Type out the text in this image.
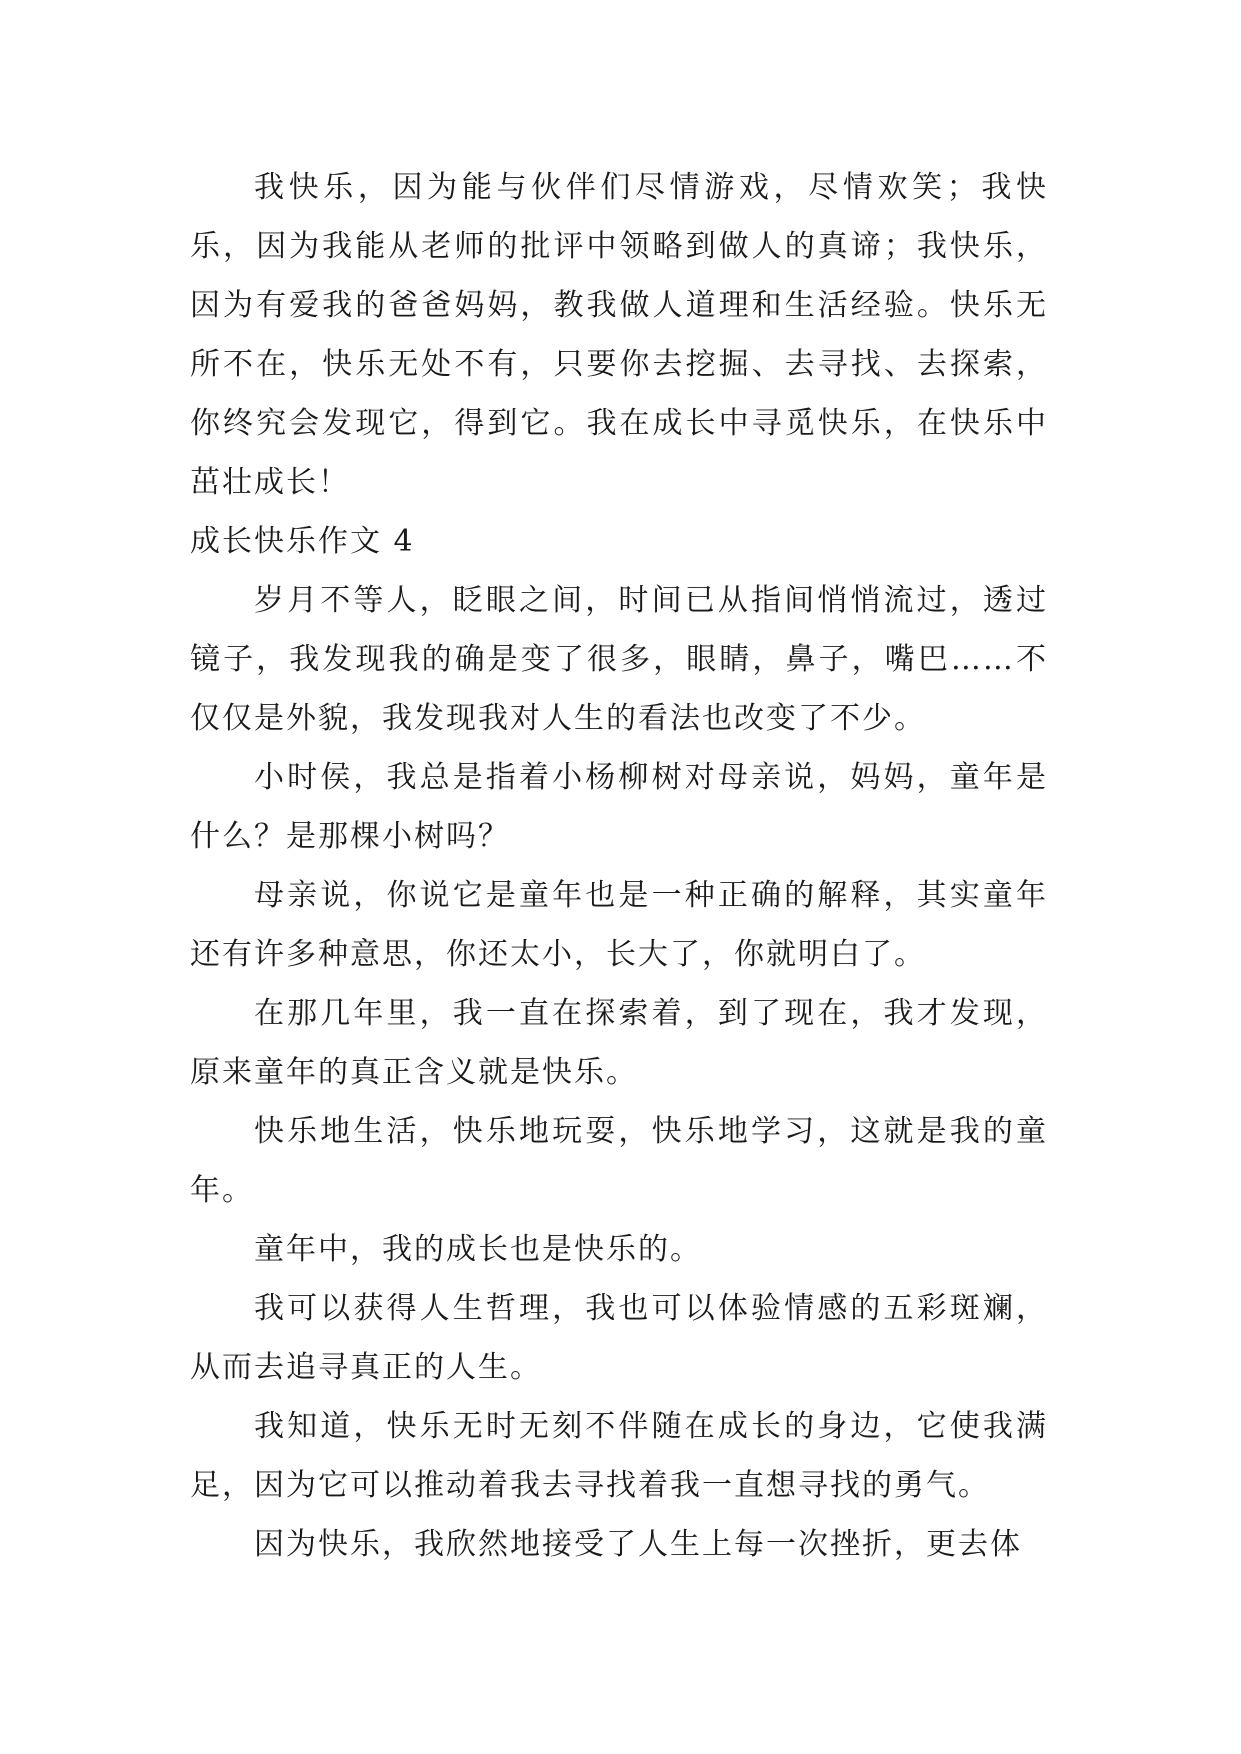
我快乐，因为能与伙伴们尽情游戏，尽情欢笑；我快乐，因为我能从老师的批评中领略到做人的真谛；我快乐，因为有爱我的爸爸妈妈，教我做人道理和生活经验。快乐无所不在，快乐无处不有，只要你去挖掘、去寻找、去探索，你终究会发现它，得到它。我在成长中寻觅快乐，在快乐中茁壮成长！

成长快乐作文 4

岁月不等人，眨眼之间，时间已从指间悄悄流过，透过镜子，我发现我的确是变了很多，眼睛，鼻子，嘴巴……不仅仅是外貌，我发现我对人生的看法也改变了不少。

小时侯，我总是指着小杨柳树对母亲说，妈妈，童年是什么？是那棵小树吗？

母亲说，你说它是童年也是一种正确的解释，其实童年还有许多种意思，你还太小，长大了，你就明白了。

在那几年里，我一直在探索着，到了现在，我才发现，原来童年的真正含义就是快乐。

快乐地生活，快乐地玩耍，快乐地学习，这就是我的童年。

童年中，我的成长也是快乐的。

我可以获得人生哲理，我也可以体验情感的五彩斑斓，从而去追寻真正的人生。

我知道，快乐无时无刻不伴随在成长的身边，它使我满足，因为它可以推动着我去寻找着我一直想寻找的勇气。

因为快乐，我欣然地接受了人生上每一次挫折，更去体
